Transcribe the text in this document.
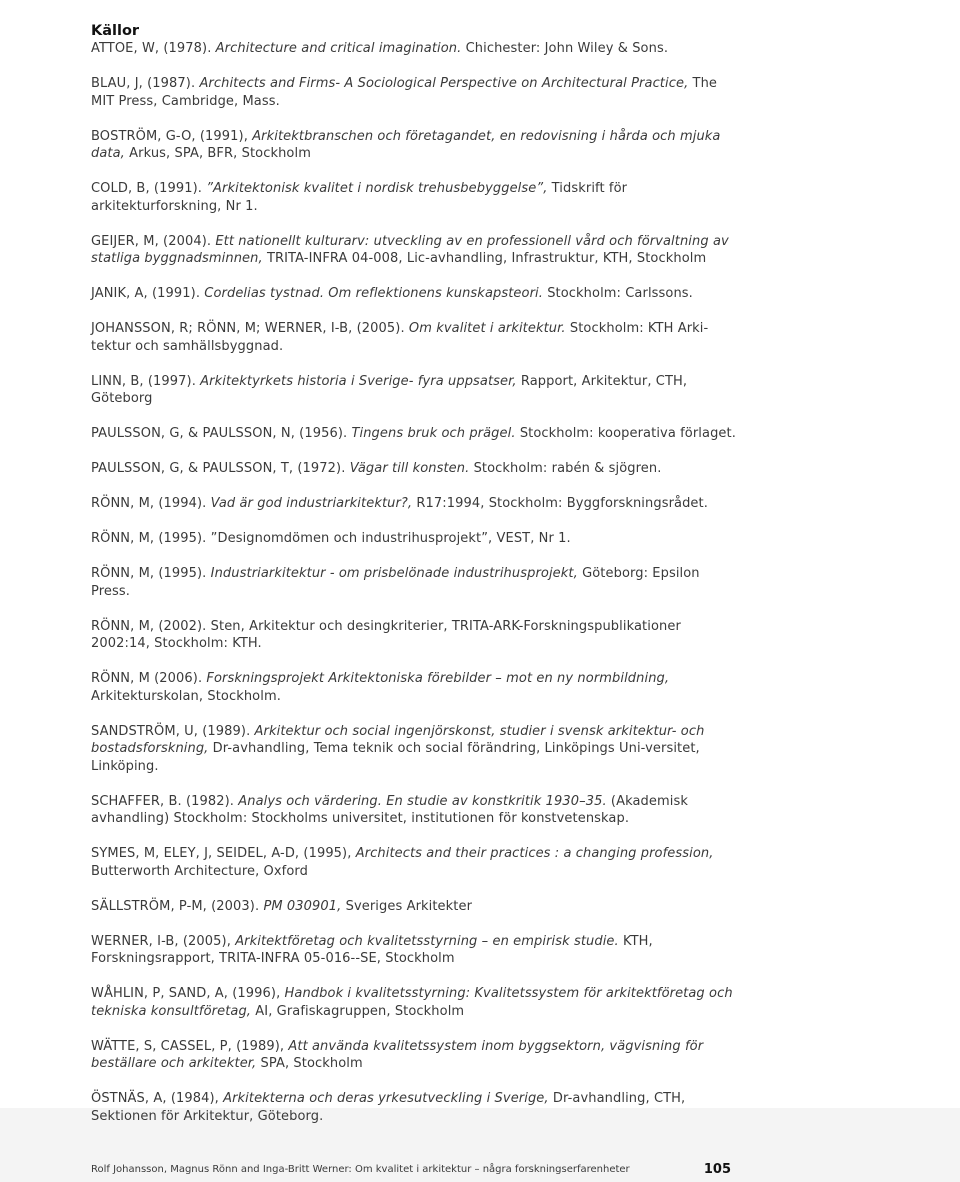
Källor
ATTOE, W, (1978). Architecture and critical imagination. Chichester: John Wiley & Sons.
BLAU, J, (1987). Architects and Firms- A Sociological Perspective on Architectural Practice, The MIT Press, Cambridge, Mass.
BOSTRÖM, G-O, (1991), Arkitektbranschen och företagandet, en redovisning i hårda och mjuka data, Arkus, SPA, BFR, Stockholm
COLD, B, (1991). ”Arkitektonisk kvalitet i nordisk trehusbebyggelse”, Tidskrift för arkitekturforskning, Nr 1.
GEIJER, M, (2004). Ett nationellt kulturarv: utveckling av en professionell vård och förvaltning av statliga byggnadsminnen, TRITA-INFRA 04-008, Lic-avhandling, Infrastruktur, KTH, Stockholm
JANIK, A, (1991). Cordelias tystnad. Om reflektionens kunskapsteori. Stockholm: Carlssons.
JOHANSSON, R; RÖNN, M; WERNER, I-B, (2005). Om kvalitet i arkitektur. Stockholm: KTH Arki-tektur och samhällsbyggnad.
LINN, B, (1997). Arkitektyrkets historia i Sverige- fyra uppsatser, Rapport, Arkitektur, CTH, Göteborg
PAULSSON, G, & PAULSSON, N, (1956). Tingens bruk och prägel. Stockholm: kooperativa förlaget.
PAULSSON, G, & PAULSSON, T, (1972). Vägar till konsten. Stockholm: rabén & sjögren.
RÖNN, M, (1994). Vad är god industriarkitektur?, R17:1994, Stockholm: Byggforskningsrådet.
RÖNN, M, (1995). ”Designomdömen och industrihusprojekt”, VEST, Nr 1.
RÖNN, M, (1995). Industriarkitektur - om prisbelönade industrihusprojekt, Göteborg: Epsilon Press.
RÖNN, M, (2002). Sten, Arkitektur och desingkriterier, TRITA-ARK-Forskningspublikationer 2002:14, Stockholm: KTH.
RÖNN, M (2006). Forskningsprojekt Arkitektoniska förebilder – mot en ny normbildning, Arkitekturskolan, Stockholm.
SANDSTRÖM, U, (1989). Arkitektur och social ingenjörskonst, studier i svensk arkitektur- och bostadsforskning, Dr-avhandling, Tema teknik och social förändring, Linköpings Uni-versitet, Linköping.
SCHAFFER, B. (1982). Analys och värdering. En studie av konstkritik 1930–35. (Akademisk avhandling) Stockholm: Stockholms universitet, institutionen för konstvetenskap.
SYMES, M, ELEY, J, SEIDEL, A-D, (1995), Architects and their practices : a changing profession, Butterworth Architecture, Oxford
SÄLLSTRÖM, P-M, (2003). PM 030901, Sveriges Arkitekter
WERNER, I-B, (2005), Arkitektföretag och kvalitetsstyrning – en empirisk studie. KTH, Forskningsrapport, TRITA-INFRA 05-016--SE, Stockholm
WÅHLIN, P, SAND, A, (1996), Handbok i kvalitetsstyrning: Kvalitetssystem för arkitektföretag och tekniska konsultföretag, AI, Grafiskagruppen, Stockholm
WÄTTE, S, CASSEL, P, (1989), Att använda kvalitetssystem inom byggsektorn, vägvisning för beställare och arkitekter, SPA, Stockholm
ÖSTNÄS, A, (1984), Arkitekterna och deras yrkesutveckling i Sverige, Dr-avhandling, CTH, Sektionen för Arkitektur, Göteborg.
Rolf Johansson, Magnus Rönn and Inga-Britt Werner: Om kvalitet i arkitektur – några forskningserfarenheter	105
